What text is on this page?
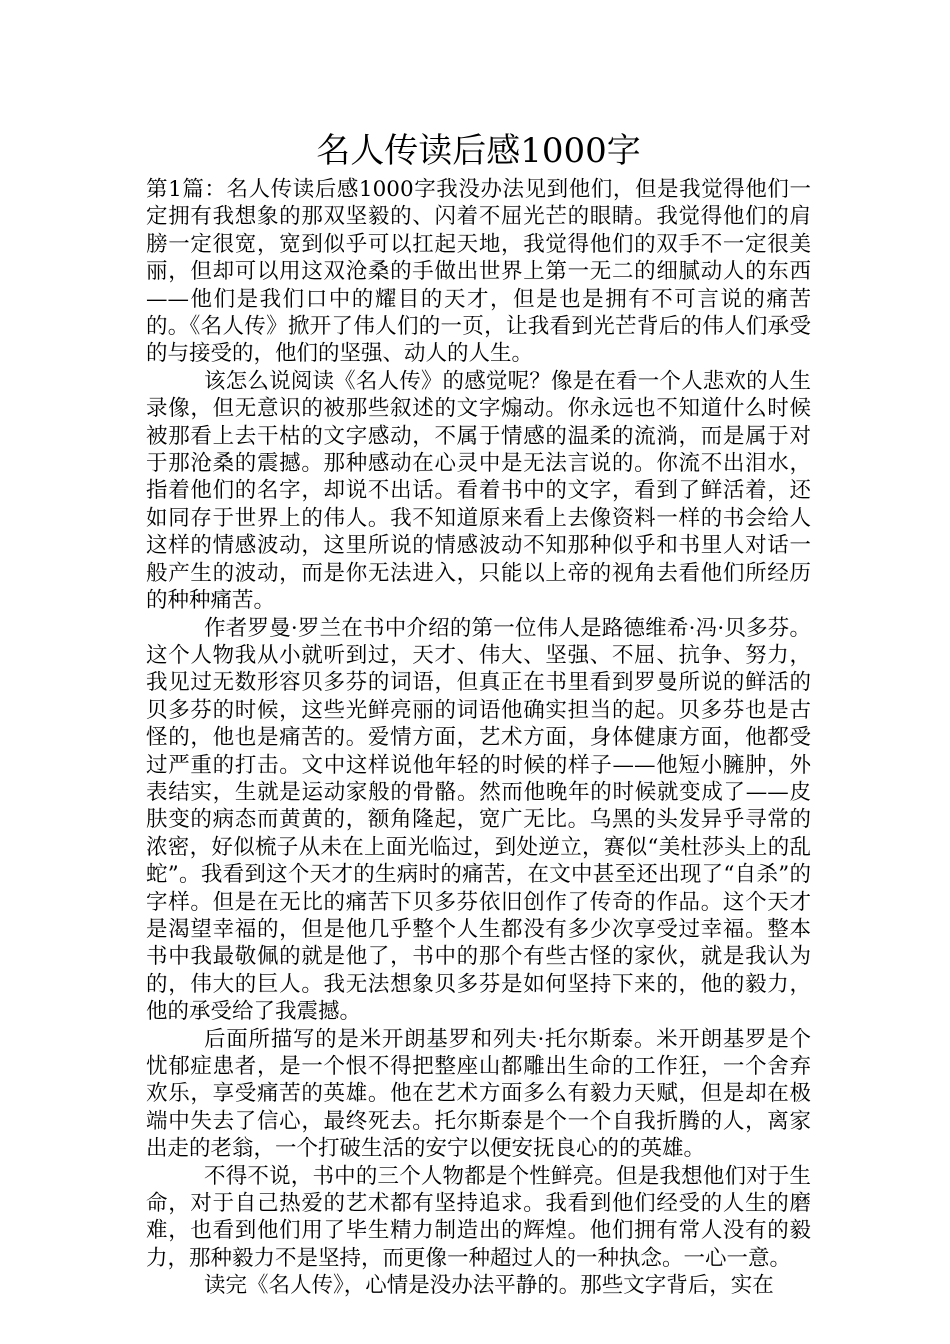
名人传读后感1000字

第1篇：名人传读后感1000字我没办法见到他们，但是我觉得他们一定拥有我想象的那双坚毅的、闪着不屈光芒的眼睛。我觉得他们的肩膀一定很宽，宽到似乎可以扛起天地，我觉得他们的双手不一定很美丽，但却可以用这双沧桑的手做出世界上第一无二的细腻动人的东西——他们是我们口中的耀目的天才，但是也是拥有不可言说的痛苦的。《名人传》掀开了伟人们的一页，让我看到光芒背后的伟人们承受的与接受的，他们的坚强、动人的人生。

该怎么说阅读《名人传》的感觉呢？像是在看一个人悲欢的人生录像，但无意识的被那些叙述的文字煽动。你永远也不知道什么时候被那看上去干枯的文字感动，不属于情感的温柔的流淌，而是属于对于那沧桑的震撼。那种感动在心灵中是无法言说的。你流不出泪水，指着他们的名字，却说不出话。看着书中的文字，看到了鲜活着，还如同存于世界上的伟人。我不知道原来看上去像资料一样的书会给人这样的情感波动，这里所说的情感波动不知那种似乎和书里人对话一般产生的波动，而是你无法进入，只能以上帝的视角去看他们所经历的种种痛苦。

作者罗曼·罗兰在书中介绍的第一位伟人是路德维希·冯·贝多芬。这个人物我从小就听到过，天才、伟大、坚强、不屈、抗争、努力，我见过无数形容贝多芬的词语，但真正在书里看到罗曼所说的鲜活的贝多芬的时候，这些光鲜亮丽的词语他确实担当的起。贝多芬也是古怪的，他也是痛苦的。爱情方面，艺术方面，身体健康方面，他都受过严重的打击。文中这样说他年轻的时候的样子——他短小臃肿，外表结实，生就是运动家般的骨骼。然而他晚年的时候就变成了——皮肤变的病态而黄黄的，额角隆起，宽广无比。乌黑的头发异乎寻常的浓密，好似梳子从未在上面光临过，到处逆立，赛似“美杜莎头上的乱蛇”。我看到这个天才的生病时的痛苦，在文中甚至还出现了“自杀”的字样。但是在无比的痛苦下贝多芬依旧创作了传奇的作品。这个天才是渴望幸福的，但是他几乎整个人生都没有多少次享受过幸福。整本书中我最敬佩的就是他了，书中的那个有些古怪的家伙，就是我认为的，伟大的巨人。我无法想象贝多芬是如何坚持下来的，他的毅力，他的承受给了我震撼。

后面所描写的是米开朗基罗和列夫·托尔斯泰。米开朗基罗是个忧郁症患者，是一个恨不得把整座山都雕出生命的工作狂，一个舍弃欢乐，享受痛苦的英雄。他在艺术方面多么有毅力天赋，但是却在极端中失去了信心，最终死去。托尔斯泰是个一个自我折腾的人，离家出走的老翁，一个打破生活的安宁以便安抚良心的的英雄。

不得不说，书中的三个人物都是个性鲜亮。但是我想他们对于生命，对于自己热爱的艺术都有坚持追求。我看到他们经受的人生的磨难，也看到他们用了毕生精力制造出的辉煌。他们拥有常人没有的毅力，那种毅力不是坚持，而更像一种超过人的一种执念。一心一意。

读完《名人传》，心情是没办法平静的。那些文字背后，实在
